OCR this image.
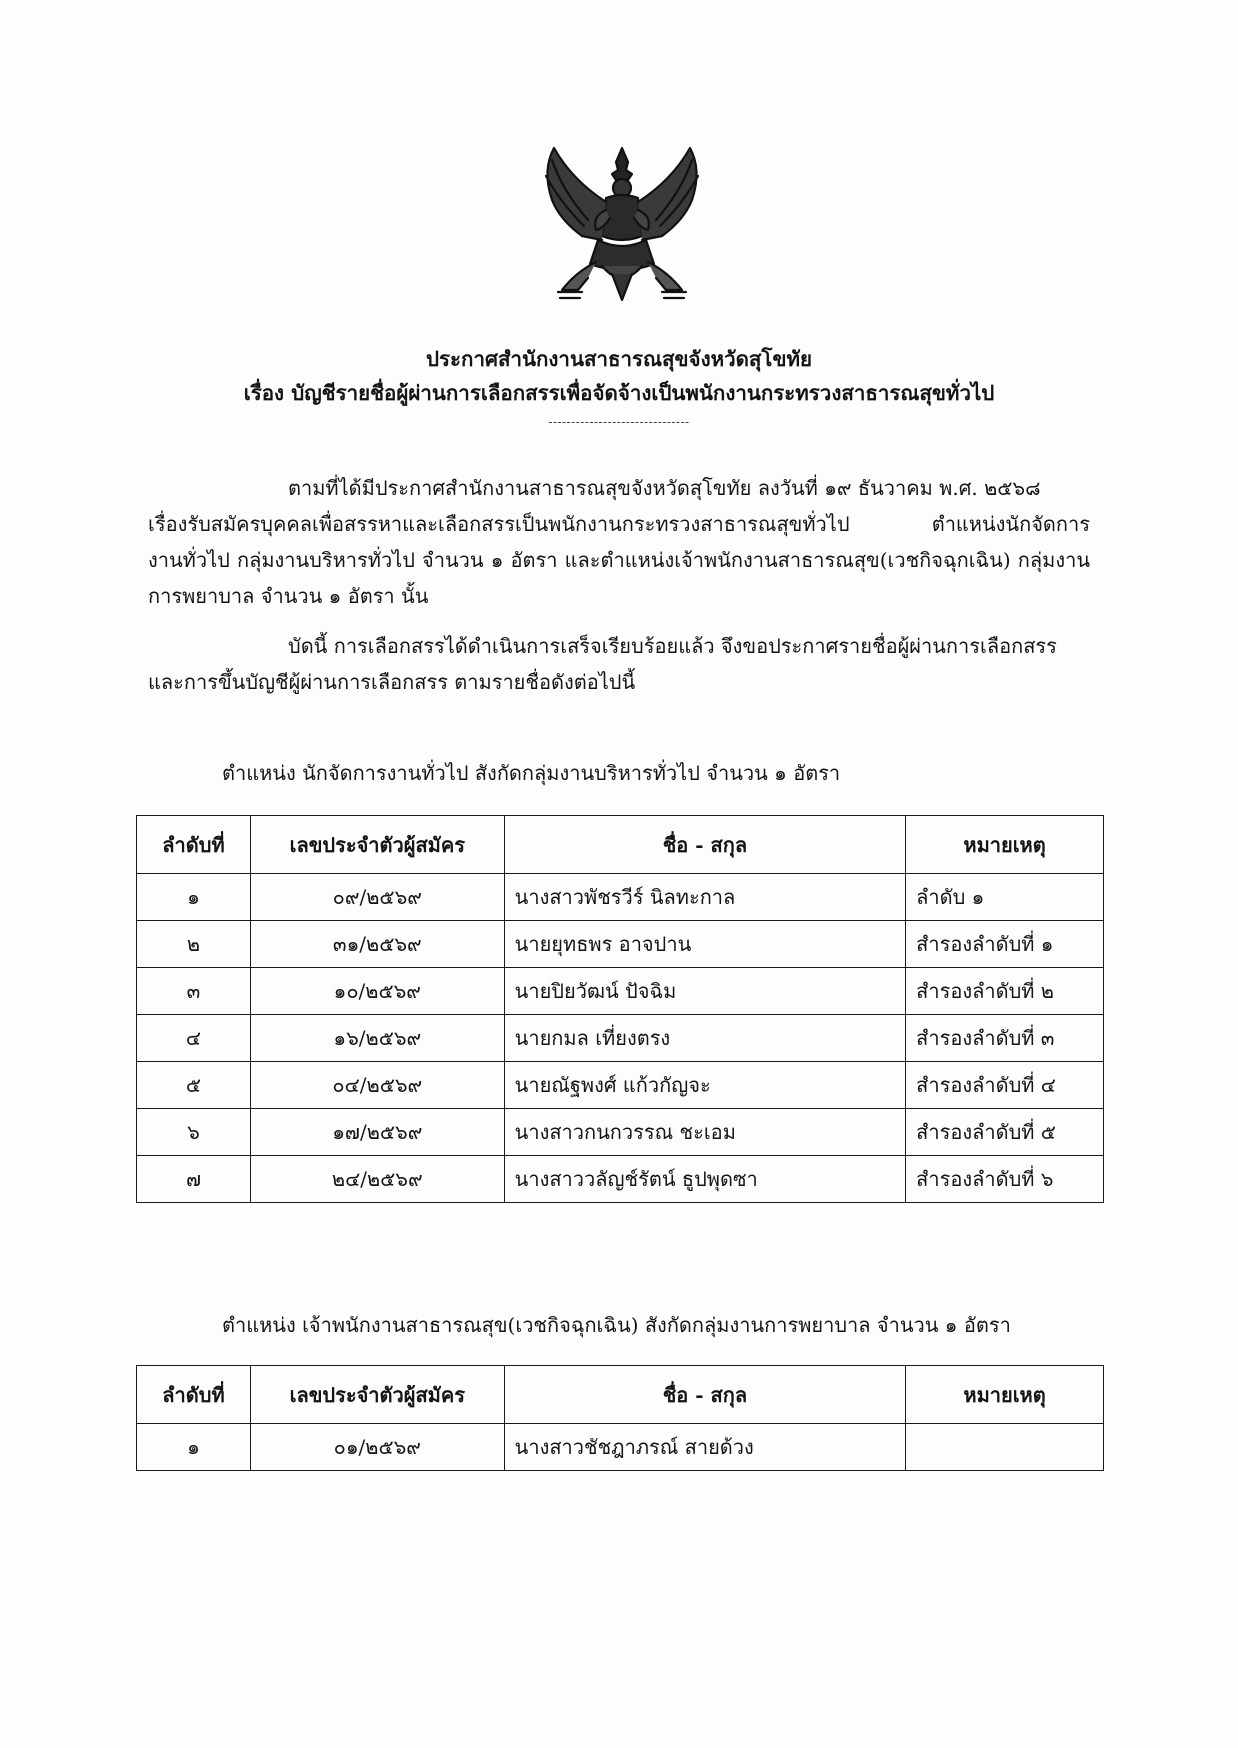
ประกาศสำนักงานสาธารณสุขจังหวัดสุโขทัย
เรื่อง บัญชีรายชื่อผู้ผ่านการเลือกสรรเพื่อจัดจ้างเป็นพนักงานกระทรวงสาธารณสุขทั่วไป
-------------------------------
ตามที่ได้มีประกาศสำนักงานสาธารณสุขจังหวัดสุโขทัย ลงวันที่ ๑๙ ธันวาคม พ.ศ. ๒๕๖๘
เรื่องรับสมัครบุคคลเพื่อสรรหาและเลือกสรรเป็นพนักงานกระทรวงสาธารณสุขทั่วไป ตำแหน่งนักจัดการ
งานทั่วไป กลุ่มงานบริหารทั่วไป จำนวน ๑ อัตรา และตำแหน่งเจ้าพนักงานสาธารณสุข(เวชกิจฉุกเฉิน) กลุ่มงาน
การพยาบาล จำนวน ๑ อัตรา นั้น
บัดนี้ การเลือกสรรได้ดำเนินการเสร็จเรียบร้อยแล้ว จึงขอประกาศรายชื่อผู้ผ่านการเลือกสรร
และการขึ้นบัญชีผู้ผ่านการเลือกสรร ตามรายชื่อดังต่อไปนี้
ตำแหน่ง นักจัดการงานทั่วไป สังกัดกลุ่มงานบริหารทั่วไป จำนวน ๑ อัตรา
ลำดับที่	เลขประจำตัวผู้สมัคร	ชื่อ - สกุล	หมายเหตุ
๑	๐๙/๒๕๖๙	นางสาวพัชรวีร์ นิลทะกาล	ลำดับ ๑
๒	๓๑/๒๕๖๙	นายยุทธพร อาจปาน	สำรองลำดับที่ ๑
๓	๑๐/๒๕๖๙	นายปิยวัฒน์ ปัจฉิม	สำรองลำดับที่ ๒
๔	๑๖/๒๕๖๙	นายกมล เที่ยงตรง	สำรองลำดับที่ ๓
๕	๐๔/๒๕๖๙	นายณัฐพงศ์ แก้วกัญจะ	สำรองลำดับที่ ๔
๖	๑๗/๒๕๖๙	นางสาวกนกวรรณ ชะเอม	สำรองลำดับที่ ๕
๗	๒๔/๒๕๖๙	นางสาววลัญช์รัตน์ ธูปพุดซา	สำรองลำดับที่ ๖
ตำแหน่ง เจ้าพนักงานสาธารณสุข(เวชกิจฉุกเฉิน) สังกัดกลุ่มงานการพยาบาล จำนวน ๑ อัตรา
ลำดับที่	เลขประจำตัวผู้สมัคร	ชื่อ - สกุล	หมายเหตุ
๑	๐๑/๒๕๖๙	นางสาวชัชฎาภรณ์ สายด้วง	
